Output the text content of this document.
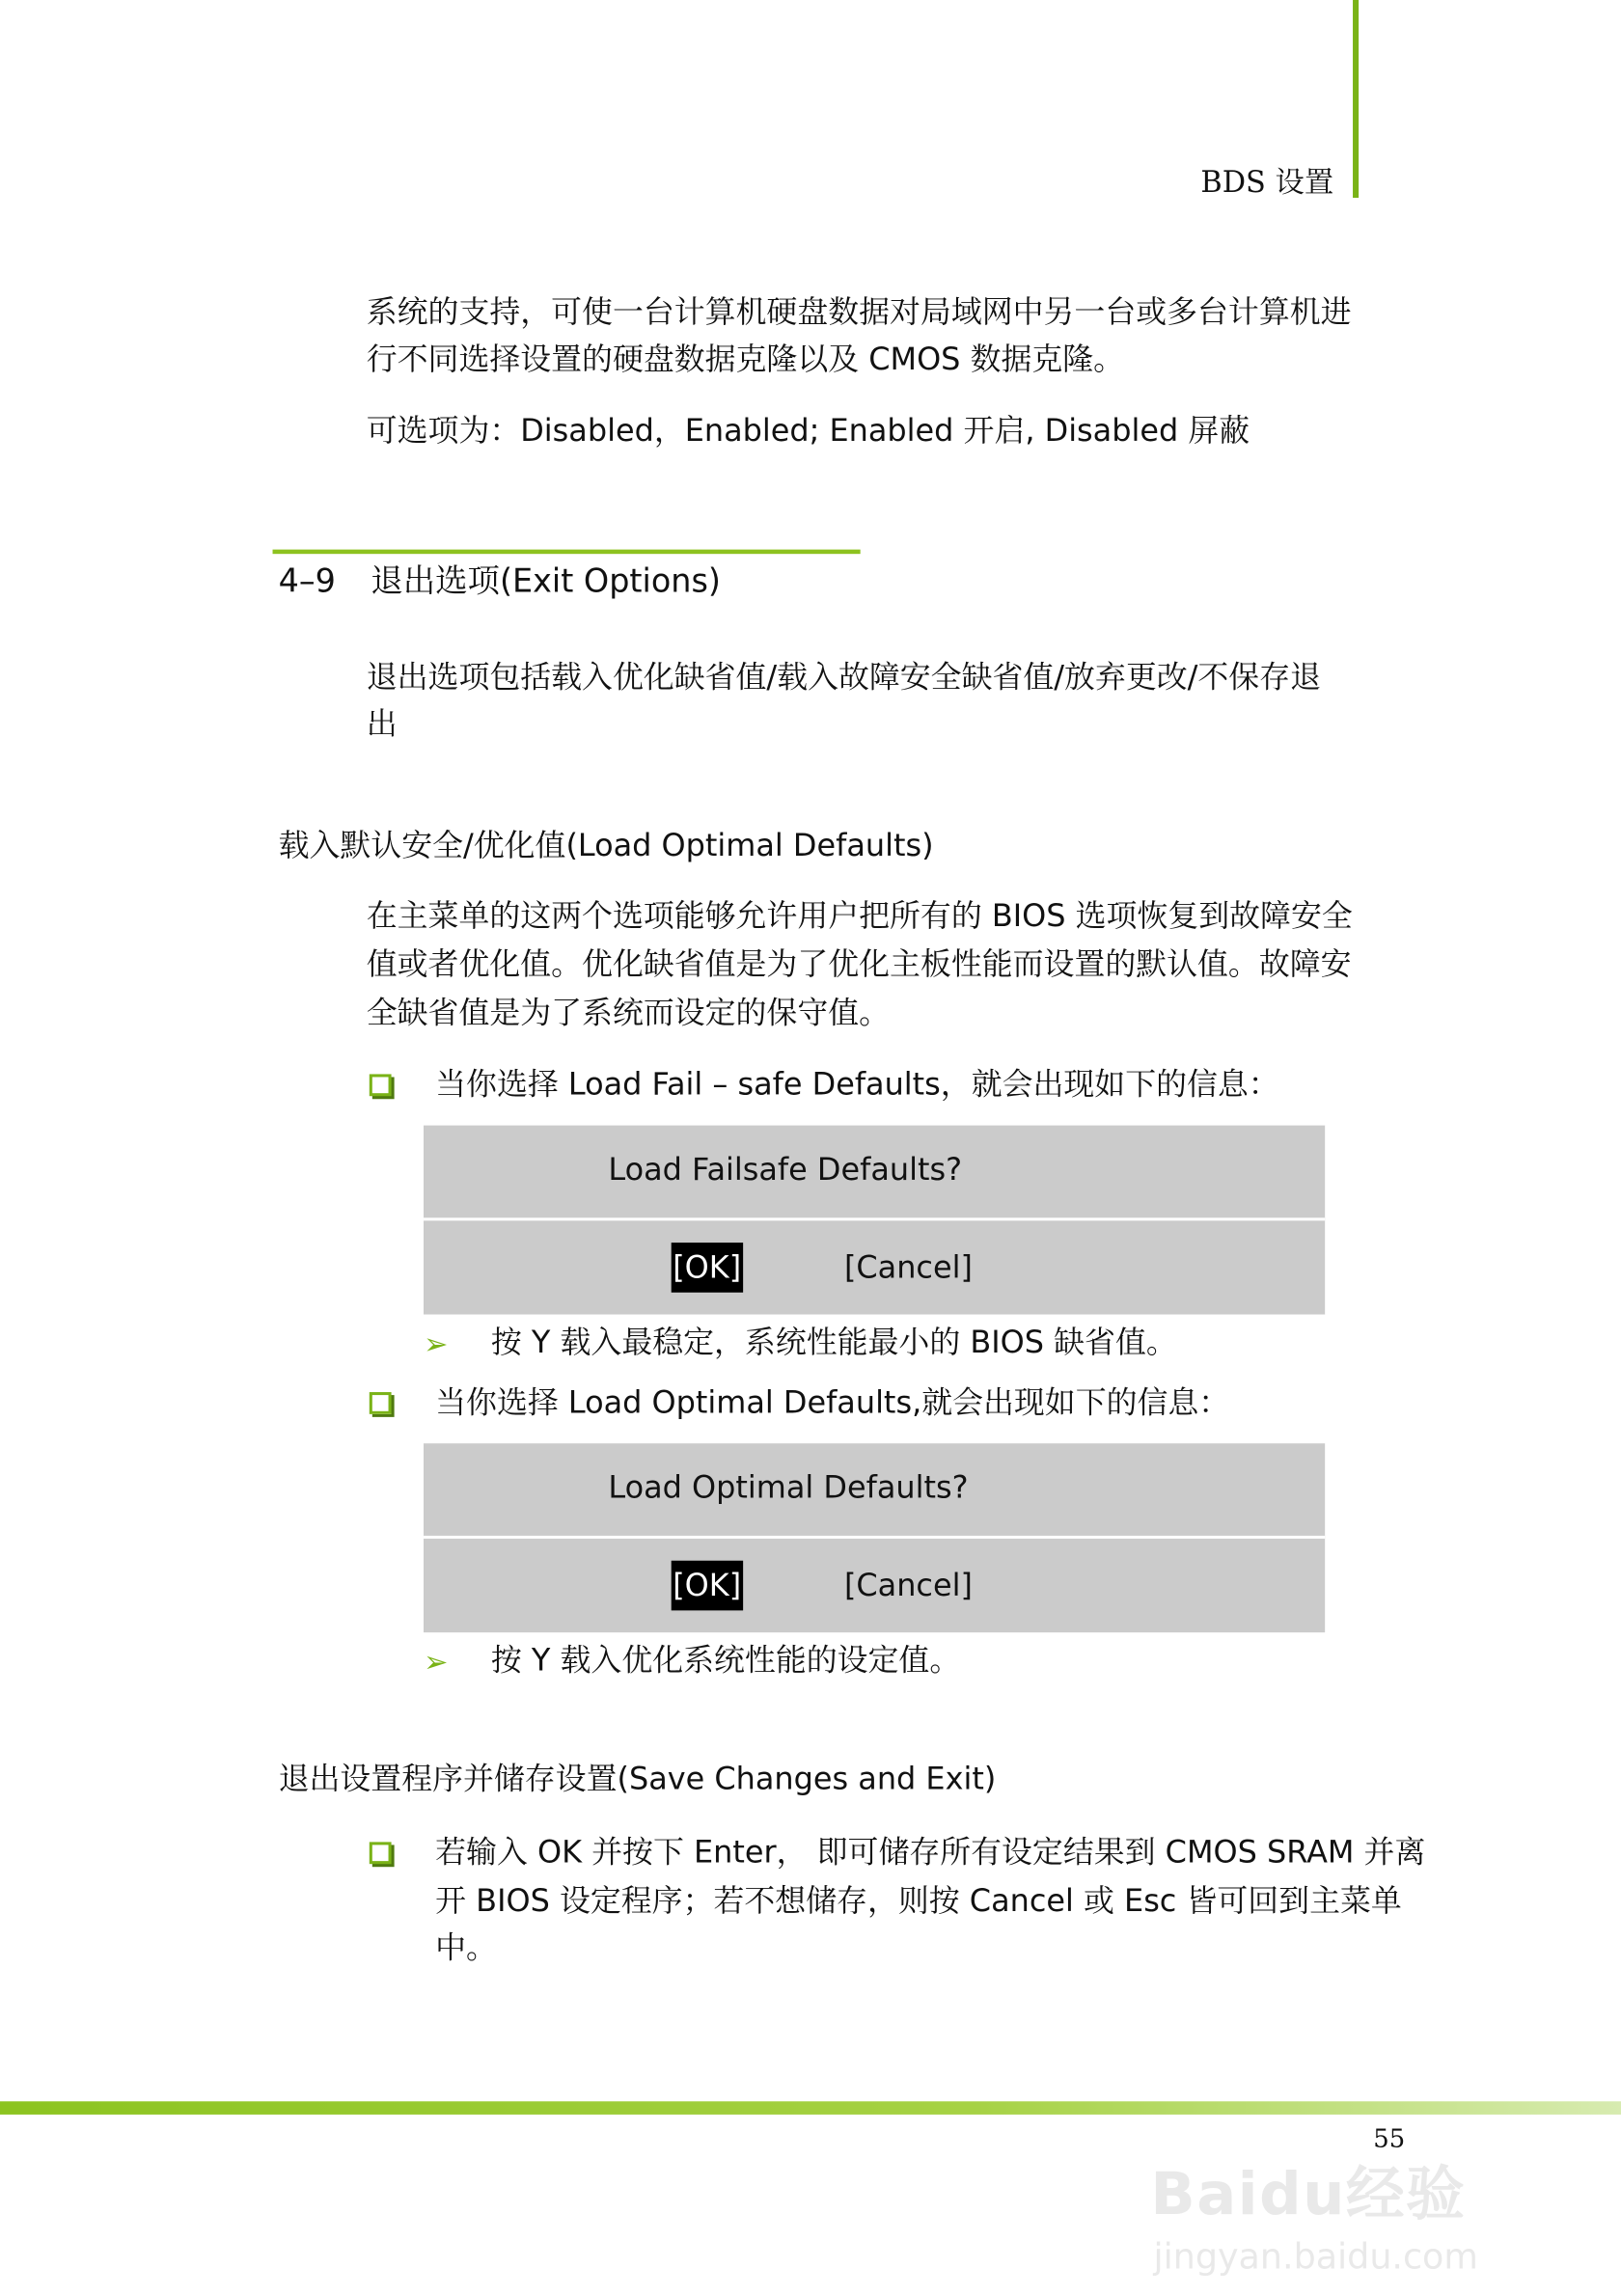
BDS 设置
系统的支持，可使一台计算机硬盘数据对局域网中另一台或多台计算机进
行不同选择设置的硬盘数据克隆以及 CMOS 数据克隆。
可选项为：Disabled，Enabled; Enabled 开启, Disabled 屏蔽
4–9 退出选项(Exit Options)
退出选项包括载入优化缺省值/载入故障安全缺省值/放弃更改/不保存退
出
载入默认安全/优化值(Load Optimal Defaults)
在主菜单的这两个选项能够允许用户把所有的 BIOS 选项恢复到故障安全
值或者优化值。优化缺省值是为了优化主板性能而设置的默认值。故障安
全缺省值是为了系统而设定的保守值。
当你选择 Load Fail – safe Defaults，就会出现如下的信息：
Load Failsafe Defaults?
[OK]	[Cancel]
➢ 按 Y 载入最稳定，系统性能最小的 BIOS 缺省值。
当你选择 Load Optimal Defaults,就会出现如下的信息：
Load Optimal Defaults?
[OK]	[Cancel]
➢ 按 Y 载入优化系统性能的设定值。
退出设置程序并储存设置(Save Changes and Exit)
若输入 OK 并按下 Enter， 即可储存所有设定结果到 CMOS SRAM 并离
开 BIOS 设定程序；若不想储存，则按 Cancel 或 Esc 皆可回到主菜单
中。
55
Baidu经验
jingyan.baidu.com
